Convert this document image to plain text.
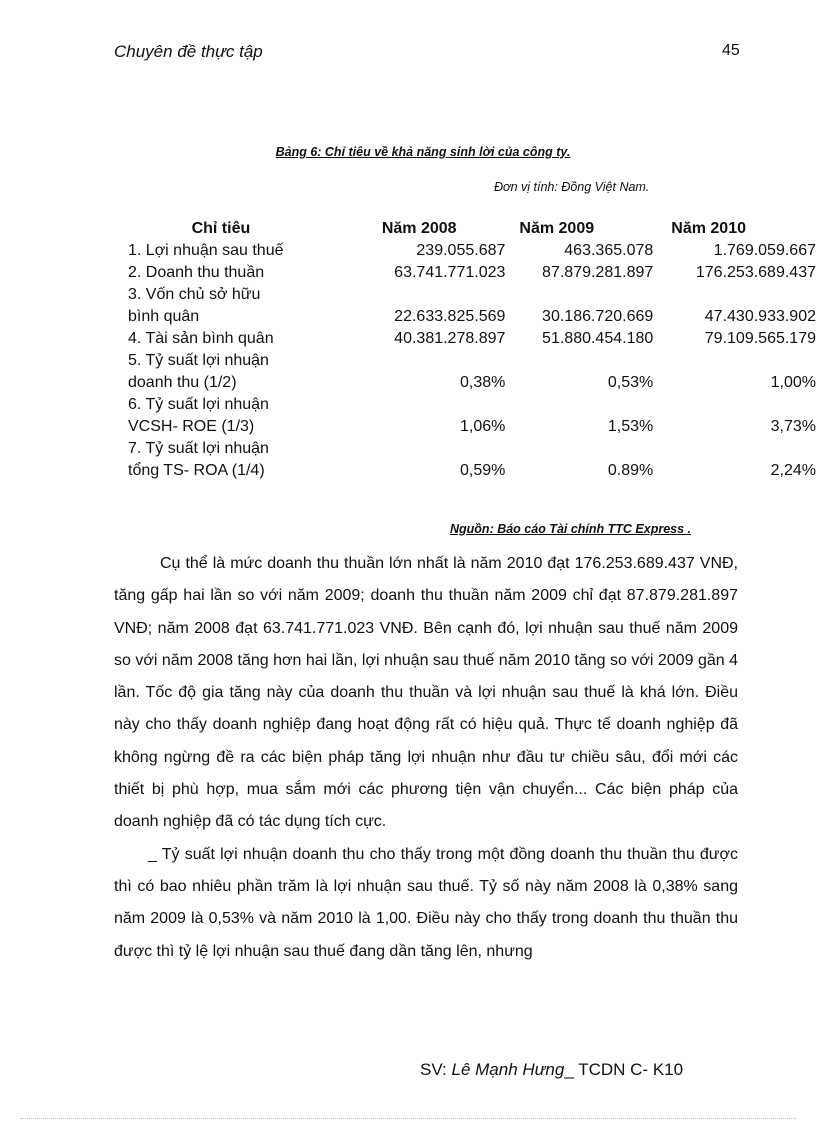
Chuyên đề thực tập	45
Bảng 6: Chỉ tiêu về khả năng sinh lời của công ty.
Đơn vị tính: Đồng Việt Nam.
Chỉ tiêu	Năm 2008	Năm 2009	Năm 2010
1. Lợi nhuận sau thuế	239.055.687	463.365.078	1.769.059.667
2. Doanh thu thuần	63.741.771.023	87.879.281.897	176.253.689.437

3. Vốn chủ sở hữu
bình quân	22.633.825.569	30.186.720.669	47.430.933.902
4. Tài sản bình quân	40.381.278.897	51.880.454.180	79.109.565.179

5. Tỷ suất lợi nhuận
doanh thu (1/2)	0,38%	0,53%	1,00%

6. Tỷ suất lợi nhuận
VCSH- ROE (1/3)	1,06%	1,53%	3,73%

7. Tỷ suất lợi nhuận
tổng TS- ROA (1/4)	0,59%	0.89%	2,24%
Nguồn: Báo cáo Tài chính TTC Express .

Cụ thể là mức doanh thu thuần lớn nhất là năm 2010 đạt 176.253.689.437 VNĐ, tăng gấp hai lần so với năm 2009; doanh thu thuần năm 2009 chỉ đạt 87.879.281.897 VNĐ; năm 2008 đạt 63.741.771.023 VNĐ. Bên cạnh đó, lợi nhuận sau thuế năm 2009 so với năm 2008 tăng hơn hai lần, lợi nhuận sau thuế năm 2010 tăng so với 2009 gần 4 lần. Tốc độ gia tăng này của doanh thu thuần và lợi nhuận sau thuế là khá lớn. Điều này cho thấy doanh nghiệp đang hoạt động rất có hiệu quả. Thực tế doanh nghiệp đã không ngừng đề ra các biện pháp tăng lợi nhuận như đầu tư chiều sâu, đổi mới các thiết bị phù hợp, mua sắm mới các phương tiện vận chuyển... Các biện pháp của doanh nghiệp đã có tác dụng tích cực.

_ Tỷ suất lợi nhuận doanh thu cho thấy trong một đồng doanh thu thuần thu được thì có bao nhiêu phần trăm là lợi nhuận sau thuế. Tỷ số này năm 2008 là 0,38% sang năm 2009 là 0,53% và năm 2010 là 1,00. Điều này cho thấy trong doanh thu thuần thu được thì tỷ lệ lợi nhuận sau thuế đang dần tăng lên, nhưng

SV: Lê Mạnh Hưng_ TCDN C- K10
